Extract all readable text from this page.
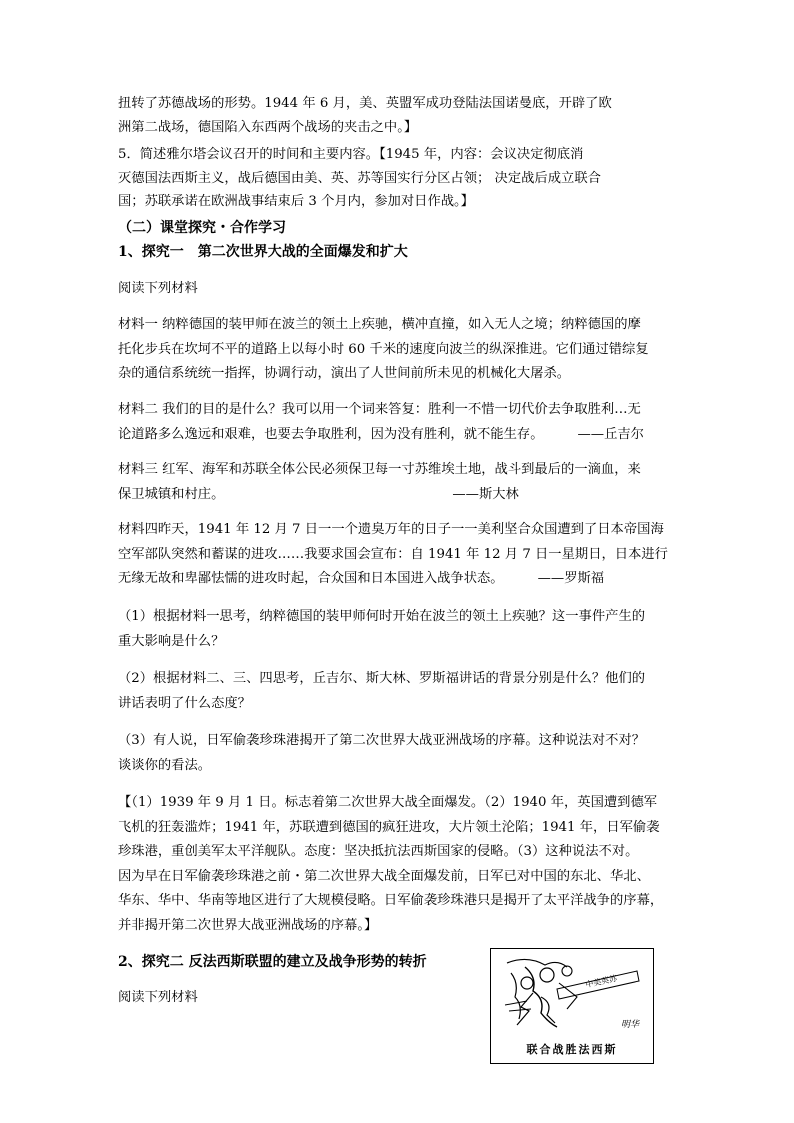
扭转了苏德战场的形势。1944 年 6 月，美、英盟军成功登陆法国诺曼底，开辟了欧

洲第二战场，德国陷入东西两个战场的夹击之中。】

5．简述雅尔塔会议召开的时间和主要内容。【1945 年，内容：会议决定彻底消

灭德国法西斯主义，战后德国由美、英、苏等国实行分区占领； 决定战后成立联合

国；苏联承诺在欧洲战事结束后 3 个月内，参加对日作战。】

（二）课堂探究・合作学习

1、探究一　第二次世界大战的全面爆发和扩大

阅读下列材料

材料一 纳粹德国的装甲师在波兰的领土上疾驰，横冲直撞，如入无人之境；纳粹德国的摩

托化步兵在坎坷不平的道路上以每小时 60 千米的速度向波兰的纵深推进。它们通过错综复

杂的通信系统统一指挥，协调行动，演出了人世间前所未见的机械化大屠杀。

材料二 我们的目的是什么？我可以用一个词来答复：胜利一不惜一切代价去争取胜利…无

论道路多么逸远和艰难，也要去争取胜利，因为没有胜利，就不能生存。	——丘吉尔

材料三 红军、海军和苏联全体公民必须保卫每一寸苏维埃土地，战斗到最后的一滴血，来

保卫城镇和村庄。	——斯大林

材料四昨天，1941 年 12 月 7 日一一个遗臭万年的日子一一美利坚合众国遭到了日本帝国海

空军部队突然和蓄谋的进攻……我要求国会宣布：自 1941 年 12 月 7 日一星期日，日本进行

无缘无故和卑鄙怯懦的进攻时起，合众国和日本国进入战争状态。	——罗斯福

（1）根据材料一思考，纳粹德国的装甲师何时开始在波兰的领土上疾驰？这一事件产生的

重大影响是什么？

（2）根据材料二、三、四思考，丘吉尔、斯大林、罗斯福讲话的背景分别是什么？他们的

讲话表明了什么态度？

（3）有人说，日军偷袭珍珠港揭开了第二次世界大战亚洲战场的序幕。这种说法对不对？

谈谈你的看法。

【（1）1939 年 9 月 1 日。标志着第二次世界大战全面爆发。（2）1940 年，英国遭到德军

飞机的狂轰滥炸；1941 年，苏联遭到德国的疯狂进攻，大片领土沦陷；1941 年，日军偷袭

珍珠港，重创美军太平洋舰队。态度：坚决抵抗法西斯国家的侵略。（3）这种说法不对。

因为早在日军偷袭珍珠港之前・第二次世界大战全面爆发前，日军已对中国的东北、华北、

华东、华中、华南等地区进行了大规模侵略。日军偷袭珍珠港只是揭开了太平洋战争的序幕，

并非揭开第二次世界大战亚洲战场的序幕。】

2、探究二 反法西斯联盟的建立及战争形势的转折

阅读下列材料

中美英苏
明华
联合战胜法西斯
